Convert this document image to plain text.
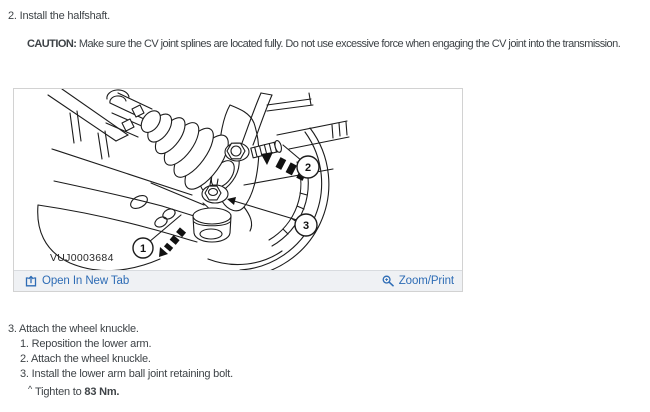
2. Install the halfshaft.
CAUTION: Make sure the CV joint splines are located fully. Do not use excessive force when engaging the CV joint into the transmission.
1
2
3
VUJ0003684
Open In New Tab	Zoom/Print
3. Attach the wheel knuckle.
1. Reposition the lower arm.
2. Attach the wheel knuckle.
3. Install the lower arm ball joint retaining bolt.
^ Tighten to 83 Nm.
